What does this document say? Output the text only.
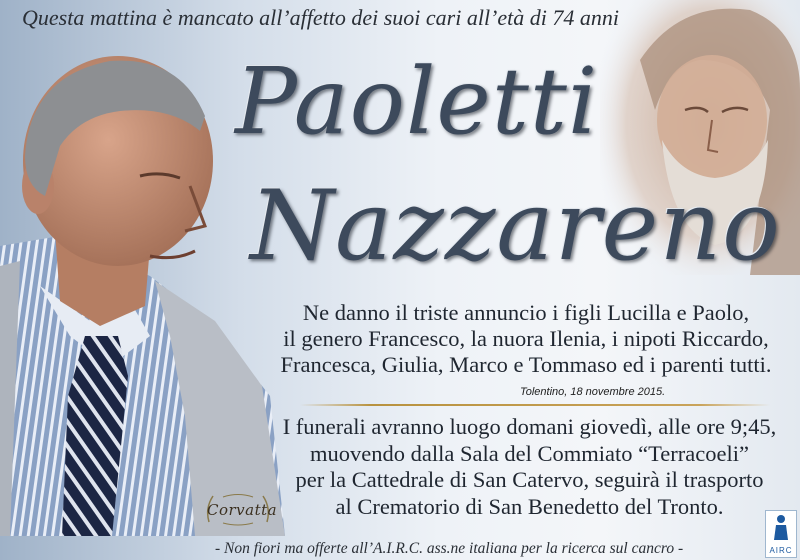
Questa mattina è mancato all’affetto dei suoi cari all’età di 74 anni
Paoletti
Nazzareno
Ne danno il triste annuncio i figli Lucilla e Paolo,
il genero Francesco, la nuora Ilenia, i nipoti Riccardo,
Francesca, Giulia, Marco e Tommaso ed i parenti tutti.
Tolentino, 18 novembre 2015.
I funerali avranno luogo domani giovedì, alle ore 9;45,
muovendo dalla Sala del Commiato “Terracoeli”
per la Cattedrale di San Catervo, seguirà il trasporto
al Crematorio di San Benedetto del Tronto.
Corvatta
AIRC
- Non fiori ma offerte all’A.I.R.C. ass.ne italiana per la ricerca sul cancro -
